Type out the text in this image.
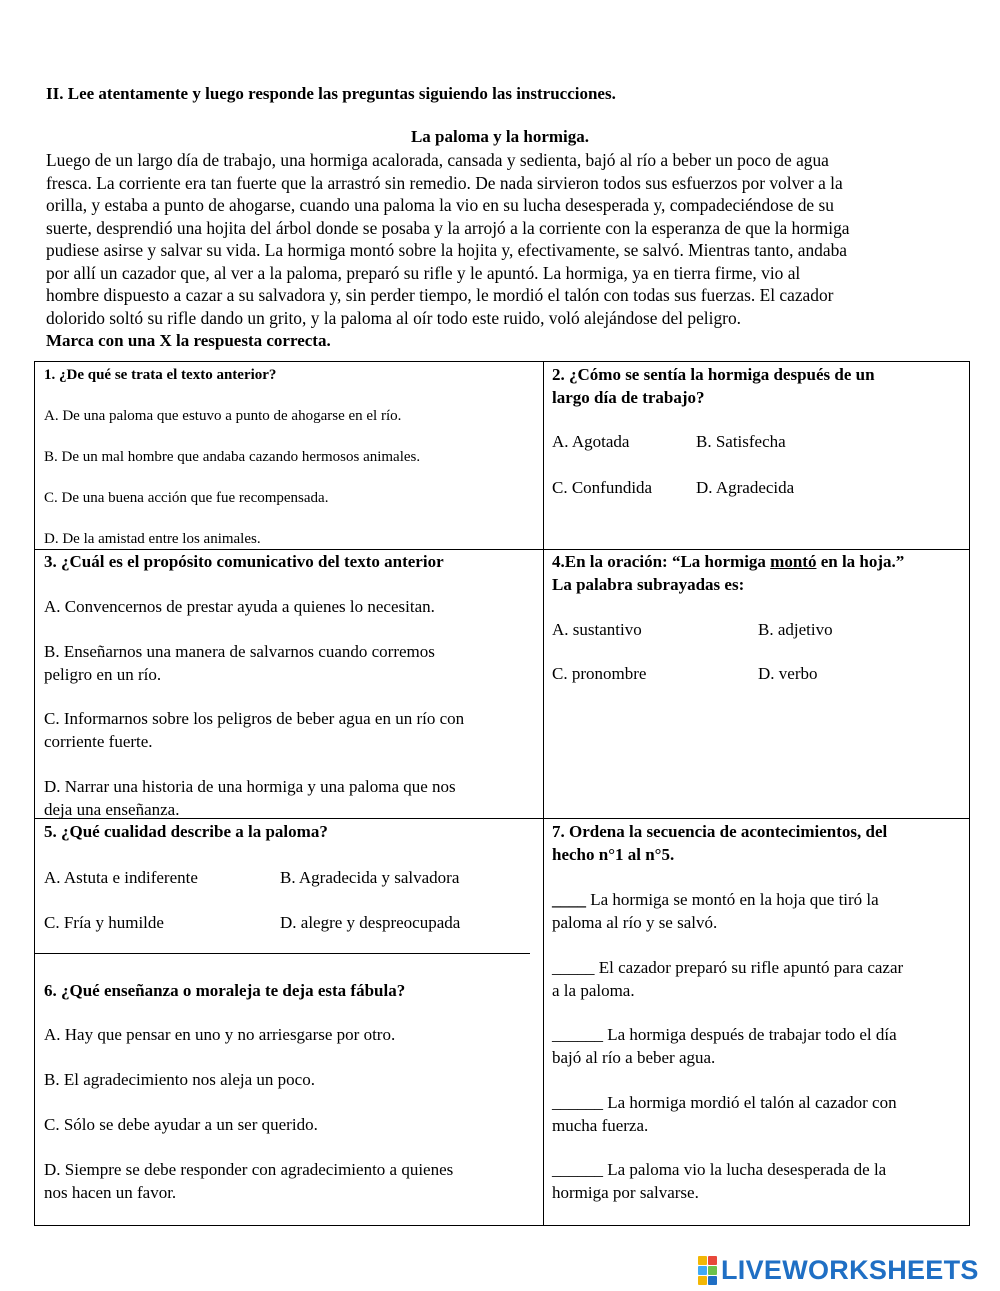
II. Lee atentamente y luego responde las preguntas siguiendo las instrucciones.
La paloma y la hormiga.
Luego de un largo día de trabajo, una hormiga acalorada, cansada y sedienta, bajó al río a beber un poco de agua
fresca. La corriente era tan fuerte que la arrastró sin remedio. De nada sirvieron todos sus esfuerzos por volver a la
orilla, y estaba a punto de ahogarse, cuando una paloma la vio en su lucha desesperada y, compadeciéndose de su
suerte, desprendió una hojita del árbol donde se posaba y la arrojó a la corriente con la esperanza de que la hormiga
pudiese asirse y salvar su vida. La hormiga montó sobre la hojita y, efectivamente, se salvó. Mientras tanto, andaba
por allí un cazador que, al ver a la paloma, preparó su rifle y le apuntó. La hormiga, ya en tierra firme, vio al
hombre dispuesto a cazar a su salvadora y, sin perder tiempo, le mordió el talón con todas sus fuerzas. El cazador
dolorido soltó su rifle dando un grito, y la paloma al oír todo este ruido, voló alejándose del peligro.
Marca con una X la respuesta correcta.
1. ¿De qué se trata el texto anterior?
A. De una paloma que estuvo a punto de ahogarse en el río.
B. De un mal hombre que andaba cazando hermosos animales.
C. De una buena acción que fue recompensada.
D. De la amistad entre los animales.
2. ¿Cómo se sentía la hormiga después de un
largo día de trabajo?
A. Agotada	B. Satisfecha
C. Confundida	D. Agradecida
3. ¿Cuál es el propósito comunicativo del texto anterior
A. Convencernos de prestar ayuda a quienes lo necesitan.
B. Enseñarnos una manera de salvarnos cuando corremos
peligro en un río.
C. Informarnos sobre los peligros de beber agua en un río con
corriente fuerte.
D. Narrar una historia de una hormiga y una paloma que nos
deja una enseñanza.
4.En la oración: “La hormiga montó en la hoja.”
La palabra subrayadas es:
A. sustantivo	B. adjetivo
C. pronombre	D. verbo
5. ¿Qué cualidad describe a la paloma?
A. Astuta e indiferente	B. Agradecida y salvadora
C. Fría y humilde	D. alegre y despreocupada
6. ¿Qué enseñanza o moraleja te deja esta fábula?
A. Hay que pensar en uno y no arriesgarse por otro.
B. El agradecimiento nos aleja un poco.
C. Sólo se debe ayudar a un ser querido.
D. Siempre se debe responder con agradecimiento a quienes
nos hacen un favor.
7. Ordena la secuencia de acontecimientos, del
hecho n°1 al n°5.
____ La hormiga se montó en la hoja que tiró la
paloma al río y se salvó.
_____ El cazador preparó su rifle apuntó para cazar
a la paloma.
______ La hormiga después de trabajar todo el día
bajó al río a beber agua.
______ La hormiga mordió el talón al cazador con
mucha fuerza.
______ La paloma vio la lucha desesperada de la
hormiga por salvarse.
LIVEWORKSHEETS
